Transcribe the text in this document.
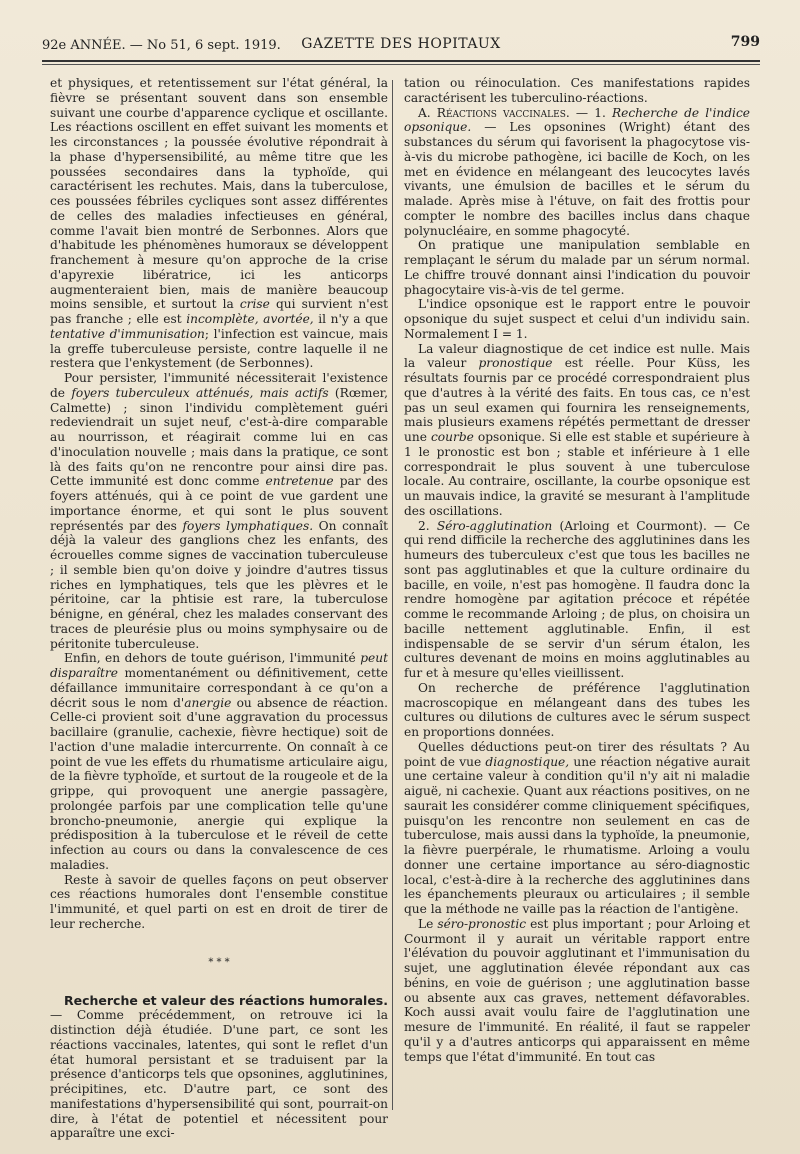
92e ANNÉE. — No 51, 6 sept. 1919.	GAZETTE DES HOPITAUX	799

et physiques, et retentissement sur l'état général, la fièvre se présentant souvent dans son ensemble suivant une courbe d'apparence cyclique et oscillante. Les réactions oscillent en effet suivant les moments et les circonstances ; la poussée évolutive répondrait à la phase d'hypersensibilité, au même titre que les poussées secondaires dans la typhoïde, qui caractérisent les rechutes. Mais, dans la tuberculose, ces poussées fébriles cycliques sont assez différentes de celles des maladies infectieuses en général, comme l'avait bien montré de Serbonnes. Alors que d'habitude les phénomènes humoraux se développent franchement à mesure qu'on approche de la crise d'apyrexie libératrice, ici les anticorps augmenteraient bien, mais de manière beaucoup moins sensible, et surtout la crise qui survient n'est pas franche ; elle est incomplète, avortée, il n'y a que tentative d'immunisation; l'infection est vaincue, mais la greffe tuberculeuse persiste, contre laquelle il ne restera que l'enkystement (de Serbonnes).

Pour persister, l'immunité nécessiterait l'existence de foyers tuberculeux atténués, mais actifs (Rœmer, Calmette) ; sinon l'individu complètement guéri redeviendrait un sujet neuf, c'est-à-dire comparable au nourrisson, et réagirait comme lui en cas d'inoculation nouvelle ; mais dans la pratique, ce sont là des faits qu'on ne rencontre pour ainsi dire pas. Cette immunité est donc comme entretenue par des foyers atténués, qui à ce point de vue gardent une importance énorme, et qui sont le plus souvent représentés par des foyers lymphatiques. On connaît déjà la valeur des ganglions chez les enfants, des écrouelles comme signes de vaccination tuberculeuse ; il semble bien qu'on doive y joindre d'autres tissus riches en lymphatiques, tels que les plèvres et le péritoine, car la phtisie est rare, la tuberculose bénigne, en général, chez les malades conservant des traces de pleurésie plus ou moins symphysaire ou de péritonite tuberculeuse.

Enfin, en dehors de toute guérison, l'immunité peut disparaître momentanément ou définitivement, cette défaillance immunitaire correspondant à ce qu'on a décrit sous le nom d'anergie ou absence de réaction. Celle-ci provient soit d'une aggravation du processus bacillaire (granulie, cachexie, fièvre hectique) soit de l'action d'une maladie intercurrente. On connaît à ce point de vue les effets du rhumatisme articulaire aigu, de la fièvre typhoïde, et surtout de la rougeole et de la grippe, qui provoquent une anergie passagère, prolongée parfois par une complication telle qu'une broncho-pneumonie, anergie qui explique la prédisposition à la tuberculose et le réveil de cette infection au cours ou dans la convalescence de ces maladies.

Reste à savoir de quelles façons on peut observer ces réactions humorales dont l'ensemble constitue l'immunité, et quel parti on est en droit de tirer de leur recherche.

* * *

Recherche et valeur des réactions humorales. — Comme précédemment, on retrouve ici la distinction déjà étudiée. D'une part, ce sont les réactions vaccinales, latentes, qui sont le reflet d'un état humoral persistant et se traduisent par la présence d'anticorps tels que opsonines, agglutinines, précipitines, etc. D'autre part, ce sont des manifestations d'hypersensibilité qui sont, pourrait-on dire, à l'état de potentiel et nécessitent pour apparaître une exci-

tation ou réinoculation. Ces manifestations rapides caractérisent les tuberculino-réactions.

A. Réactions vaccinales. — 1. Recherche de l'indice opsonique. — Les opsonines (Wright) étant des substances du sérum qui favorisent la phagocytose vis-à-vis du microbe pathogène, ici bacille de Koch, on les met en évidence en mélangeant des leucocytes lavés vivants, une émulsion de bacilles et le sérum du malade. Après mise à l'étuve, on fait des frottis pour compter le nombre des bacilles inclus dans chaque polynucléaire, en somme phagocyté.

On pratique une manipulation semblable en remplaçant le sérum du malade par un sérum normal. Le chiffre trouvé donnant ainsi l'indication du pouvoir phagocytaire vis-à-vis de tel germe.

L'indice opsonique est le rapport entre le pouvoir opsonique du sujet suspect et celui d'un individu sain. Normalement I = 1.

La valeur diagnostique de cet indice est nulle. Mais la valeur pronostique est réelle. Pour Küss, les résultats fournis par ce procédé correspondraient plus que d'autres à la vérité des faits. En tous cas, ce n'est pas un seul examen qui fournira les renseignements, mais plusieurs examens répétés permettant de dresser une courbe opsonique. Si elle est stable et supérieure à 1 le pronostic est bon ; stable et inférieure à 1 elle correspondrait le plus souvent à une tuberculose locale. Au contraire, oscillante, la courbe opsonique est un mauvais indice, la gravité se mesurant à l'amplitude des oscillations.

2. Séro-agglutination (Arloing et Courmont). — Ce qui rend difficile la recherche des agglutinines dans les humeurs des tuberculeux c'est que tous les bacilles ne sont pas agglutinables et que la culture ordinaire du bacille, en voile, n'est pas homogène. Il faudra donc la rendre homogène par agitation précoce et répétée comme le recommande Arloing ; de plus, on choisira un bacille nettement agglutinable. Enfin, il est indispensable de se servir d'un sérum étalon, les cultures devenant de moins en moins agglutinables au fur et à mesure qu'elles vieillissent.

On recherche de préférence l'agglutination macroscopique en mélangeant dans des tubes les cultures ou dilutions de cultures avec le sérum suspect en proportions données.

Quelles déductions peut-on tirer des résultats ? Au point de vue diagnostique, une réaction négative aurait une certaine valeur à condition qu'il n'y ait ni maladie aiguë, ni cachexie. Quant aux réactions positives, on ne saurait les considérer comme cliniquement spécifiques, puisqu'on les rencontre non seulement en cas de tuberculose, mais aussi dans la typhoïde, la pneumonie, la fièvre puerpérale, le rhumatisme. Arloing a voulu donner une certaine importance au séro-diagnostic local, c'est-à-dire à la recherche des agglutinines dans les épanchements pleuraux ou articulaires ; il semble que la méthode ne vaille pas la réaction de l'antigène.

Le séro-pronostic est plus important ; pour Arloing et Courmont il y aurait un véritable rapport entre l'élévation du pouvoir agglutinant et l'immunisation du sujet, une agglutination élevée répondant aux cas bénins, en voie de guérison ; une agglutination basse ou absente aux cas graves, nettement défavorables. Koch aussi avait voulu faire de l'agglutination une mesure de l'immunité. En réalité, il faut se rappeler qu'il y a d'autres anticorps qui apparaissent en même temps que l'état d'immunité. En tout cas
